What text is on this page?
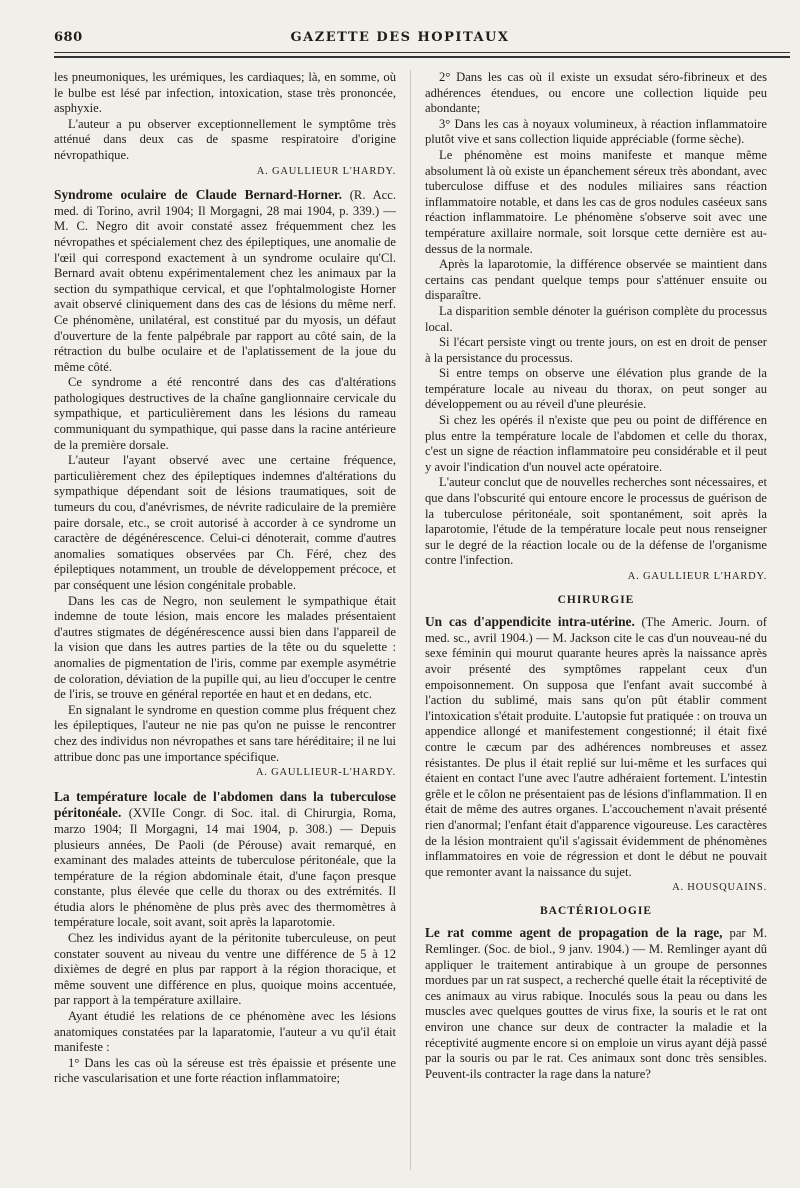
680	GAZETTE DES HOPITAUX

les pneumoniques, les urémiques, les cardiaques; là, en somme, où le bulbe est lésé par infection, intoxication, stase très prononcée, asphyxie.

L'auteur a pu observer exceptionnellement le symptôme très atténué dans deux cas de spasme respiratoire d'origine névropathique.

A. GAULLIEUR L'HARDY.

Syndrome oculaire de Claude Bernard-Horner. (R. Acc. med. di Torino, avril 1904; Il Morgagni, 28 mai 1904, p. 339.) — M. C. Negro dit avoir constaté assez fréquemment chez les névropathes et spécialement chez des épileptiques, une anomalie de l'œil qui correspond exactement à un syndrome oculaire qu'Cl. Bernard avait obtenu expérimentalement chez les animaux par la section du sympathique cervical, et que l'ophtalmologiste Horner avait observé cliniquement dans des cas de lésions du même nerf. Ce phénomène, unilatéral, est constitué par du myosis, un défaut d'ouverture de la fente palpébrale par rapport au côté sain, de la rétraction du bulbe oculaire et de l'aplatissement de la joue du même côté.

Ce syndrome a été rencontré dans des cas d'altérations pathologiques destructives de la chaîne ganglionnaire cervicale du sympathique, et particulièrement dans les lésions du rameau communiquant du sympathique, qui passe dans la racine antérieure de la première dorsale.

L'auteur l'ayant observé avec une certaine fréquence, particulièrement chez des épileptiques indemnes d'altérations du sympathique dépendant soit de lésions traumatiques, soit de tumeurs du cou, d'anévrismes, de névrite radiculaire de la première paire dorsale, etc., se croit autorisé à accorder à ce syndrome un caractère de dégénérescence. Celui-ci dénoterait, comme d'autres anomalies somatiques observées par Ch. Féré, chez des épileptiques notamment, un trouble de développement précoce, et par conséquent une lésion congénitale probable.

Dans les cas de Negro, non seulement le sympathique était indemne de toute lésion, mais encore les malades présentaient d'autres stigmates de dégénérescence aussi bien dans l'appareil de la vision que dans les autres parties de la tête ou du squelette : anomalies de pigmentation de l'iris, comme par exemple asymétrie de coloration, déviation de la pupille qui, au lieu d'occuper le centre de l'iris, se trouve en général reportée en haut et en dedans, etc.

En signalant le syndrome en question comme plus fréquent chez les épileptiques, l'auteur ne nie pas qu'on ne puisse le rencontrer chez des individus non névropathes et sans tare héréditaire; il ne lui attribue donc pas une importance spécifique.

A. GAULLIEUR-L'HARDY.

La température locale de l'abdomen dans la tuberculose péritonéale. (XVIIe Congr. di Soc. ital. di Chirurgia, Roma, marzo 1904; Il Morgagni, 14 mai 1904, p. 308.) — Depuis plusieurs années, De Paoli (de Pérouse) avait remarqué, en examinant des malades atteints de tuberculose péritonéale, que la température de la région abdominale était, d'une façon presque constante, plus élevée que celle du thorax ou des extrémités. Il étudia alors le phénomène de plus près avec des thermomètres à température locale, soit avant, soit après la laparotomie.

Chez les individus ayant de la péritonite tuberculeuse, on peut constater souvent au niveau du ventre une différence de 5 à 12 dixièmes de degré en plus par rapport à la région thoracique, et même souvent une différence en plus, quoique moins accentuée, par rapport à la température axillaire.

Ayant étudié les relations de ce phénomène avec les lésions anatomiques constatées par la laparatomie, l'auteur a vu qu'il était manifeste :

1° Dans les cas où la séreuse est très épaissie et présente une riche vascularisation et une forte réaction inflammatoire;

2° Dans les cas où il existe un exsudat séro-fibrineux et des adhérences étendues, ou encore une collection liquide peu abondante;

3° Dans les cas à noyaux volumineux, à réaction inflammatoire plutôt vive et sans collection liquide appréciable (forme sèche).

Le phénomène est moins manifeste et manque même absolument là où existe un épanchement séreux très abondant, avec tuberculose diffuse et des nodules miliaires sans réaction inflammatoire notable, et dans les cas de gros nodules caséeux sans réaction inflammatoire. Le phénomène s'observe soit avec une température axillaire normale, soit lorsque cette dernière est au-dessus de la normale.

Après la laparotomie, la différence observée se maintient dans certains cas pendant quelque temps pour s'atténuer ensuite ou disparaître.

La disparition semble dénoter la guérison complète du processus local.

Si l'écart persiste vingt ou trente jours, on est en droit de penser à la persistance du processus.

Si entre temps on observe une élévation plus grande de la température locale au niveau du thorax, on peut songer au développement ou au réveil d'une pleurésie.

Si chez les opérés il n'existe que peu ou point de différence en plus entre la température locale de l'abdomen et celle du thorax, c'est un signe de réaction inflammatoire peu considérable et il peut y avoir l'indication d'un nouvel acte opératoire.

L'auteur conclut que de nouvelles recherches sont nécessaires, et que dans l'obscurité qui entoure encore le processus de guérison de la tuberculose péritonéale, soit spontanément, soit après la laparotomie, l'étude de la température locale peut nous renseigner sur le degré de la réaction locale ou de la défense de l'organisme contre l'infection.

A. GAULLIEUR L'HARDY.
CHIRURGIE

Un cas d'appendicite intra-utérine. (The Americ. Journ. of med. sc., avril 1904.) — M. Jackson cite le cas d'un nouveau-né du sexe féminin qui mourut quarante heures après la naissance après avoir présenté des symptômes rappelant ceux d'un empoisonnement. On supposa que l'enfant avait succombé à l'action du sublimé, mais sans qu'on pût établir comment l'intoxication s'était produite. L'autopsie fut pratiquée : on trouva un appendice allongé et manifestement congestionné; il était fixé contre le cæcum par des adhérences nombreuses et assez résistantes. De plus il était replié sur lui-même et les surfaces qui étaient en contact l'une avec l'autre adhéraient fortement. L'intestin grêle et le côlon ne présentaient pas de lésions d'inflammation. Il en était de même des autres organes. L'accouchement n'avait présenté rien d'anormal; l'enfant était d'apparence vigoureuse. Les caractères de la lésion montraient qu'il s'agissait évidemment de phénomènes inflammatoires en voie de régression et dont le début ne pouvait que remonter avant la naissance du sujet.

A. HOUSQUAINS.
BACTÉRIOLOGIE

Le rat comme agent de propagation de la rage, par M. Remlinger. (Soc. de biol., 9 janv. 1904.) — M. Remlinger ayant dû appliquer le traitement antirabique à un groupe de personnes mordues par un rat suspect, a recherché quelle était la réceptivité de ces animaux au virus rabique. Inoculés sous la peau ou dans les muscles avec quelques gouttes de virus fixe, la souris et le rat ont environ une chance sur deux de contracter la maladie et la réceptivité augmente encore si on emploie un virus ayant déjà passé par la souris ou par le rat. Ces animaux sont donc très sensibles. Peuvent-ils contracter la rage dans la nature?
